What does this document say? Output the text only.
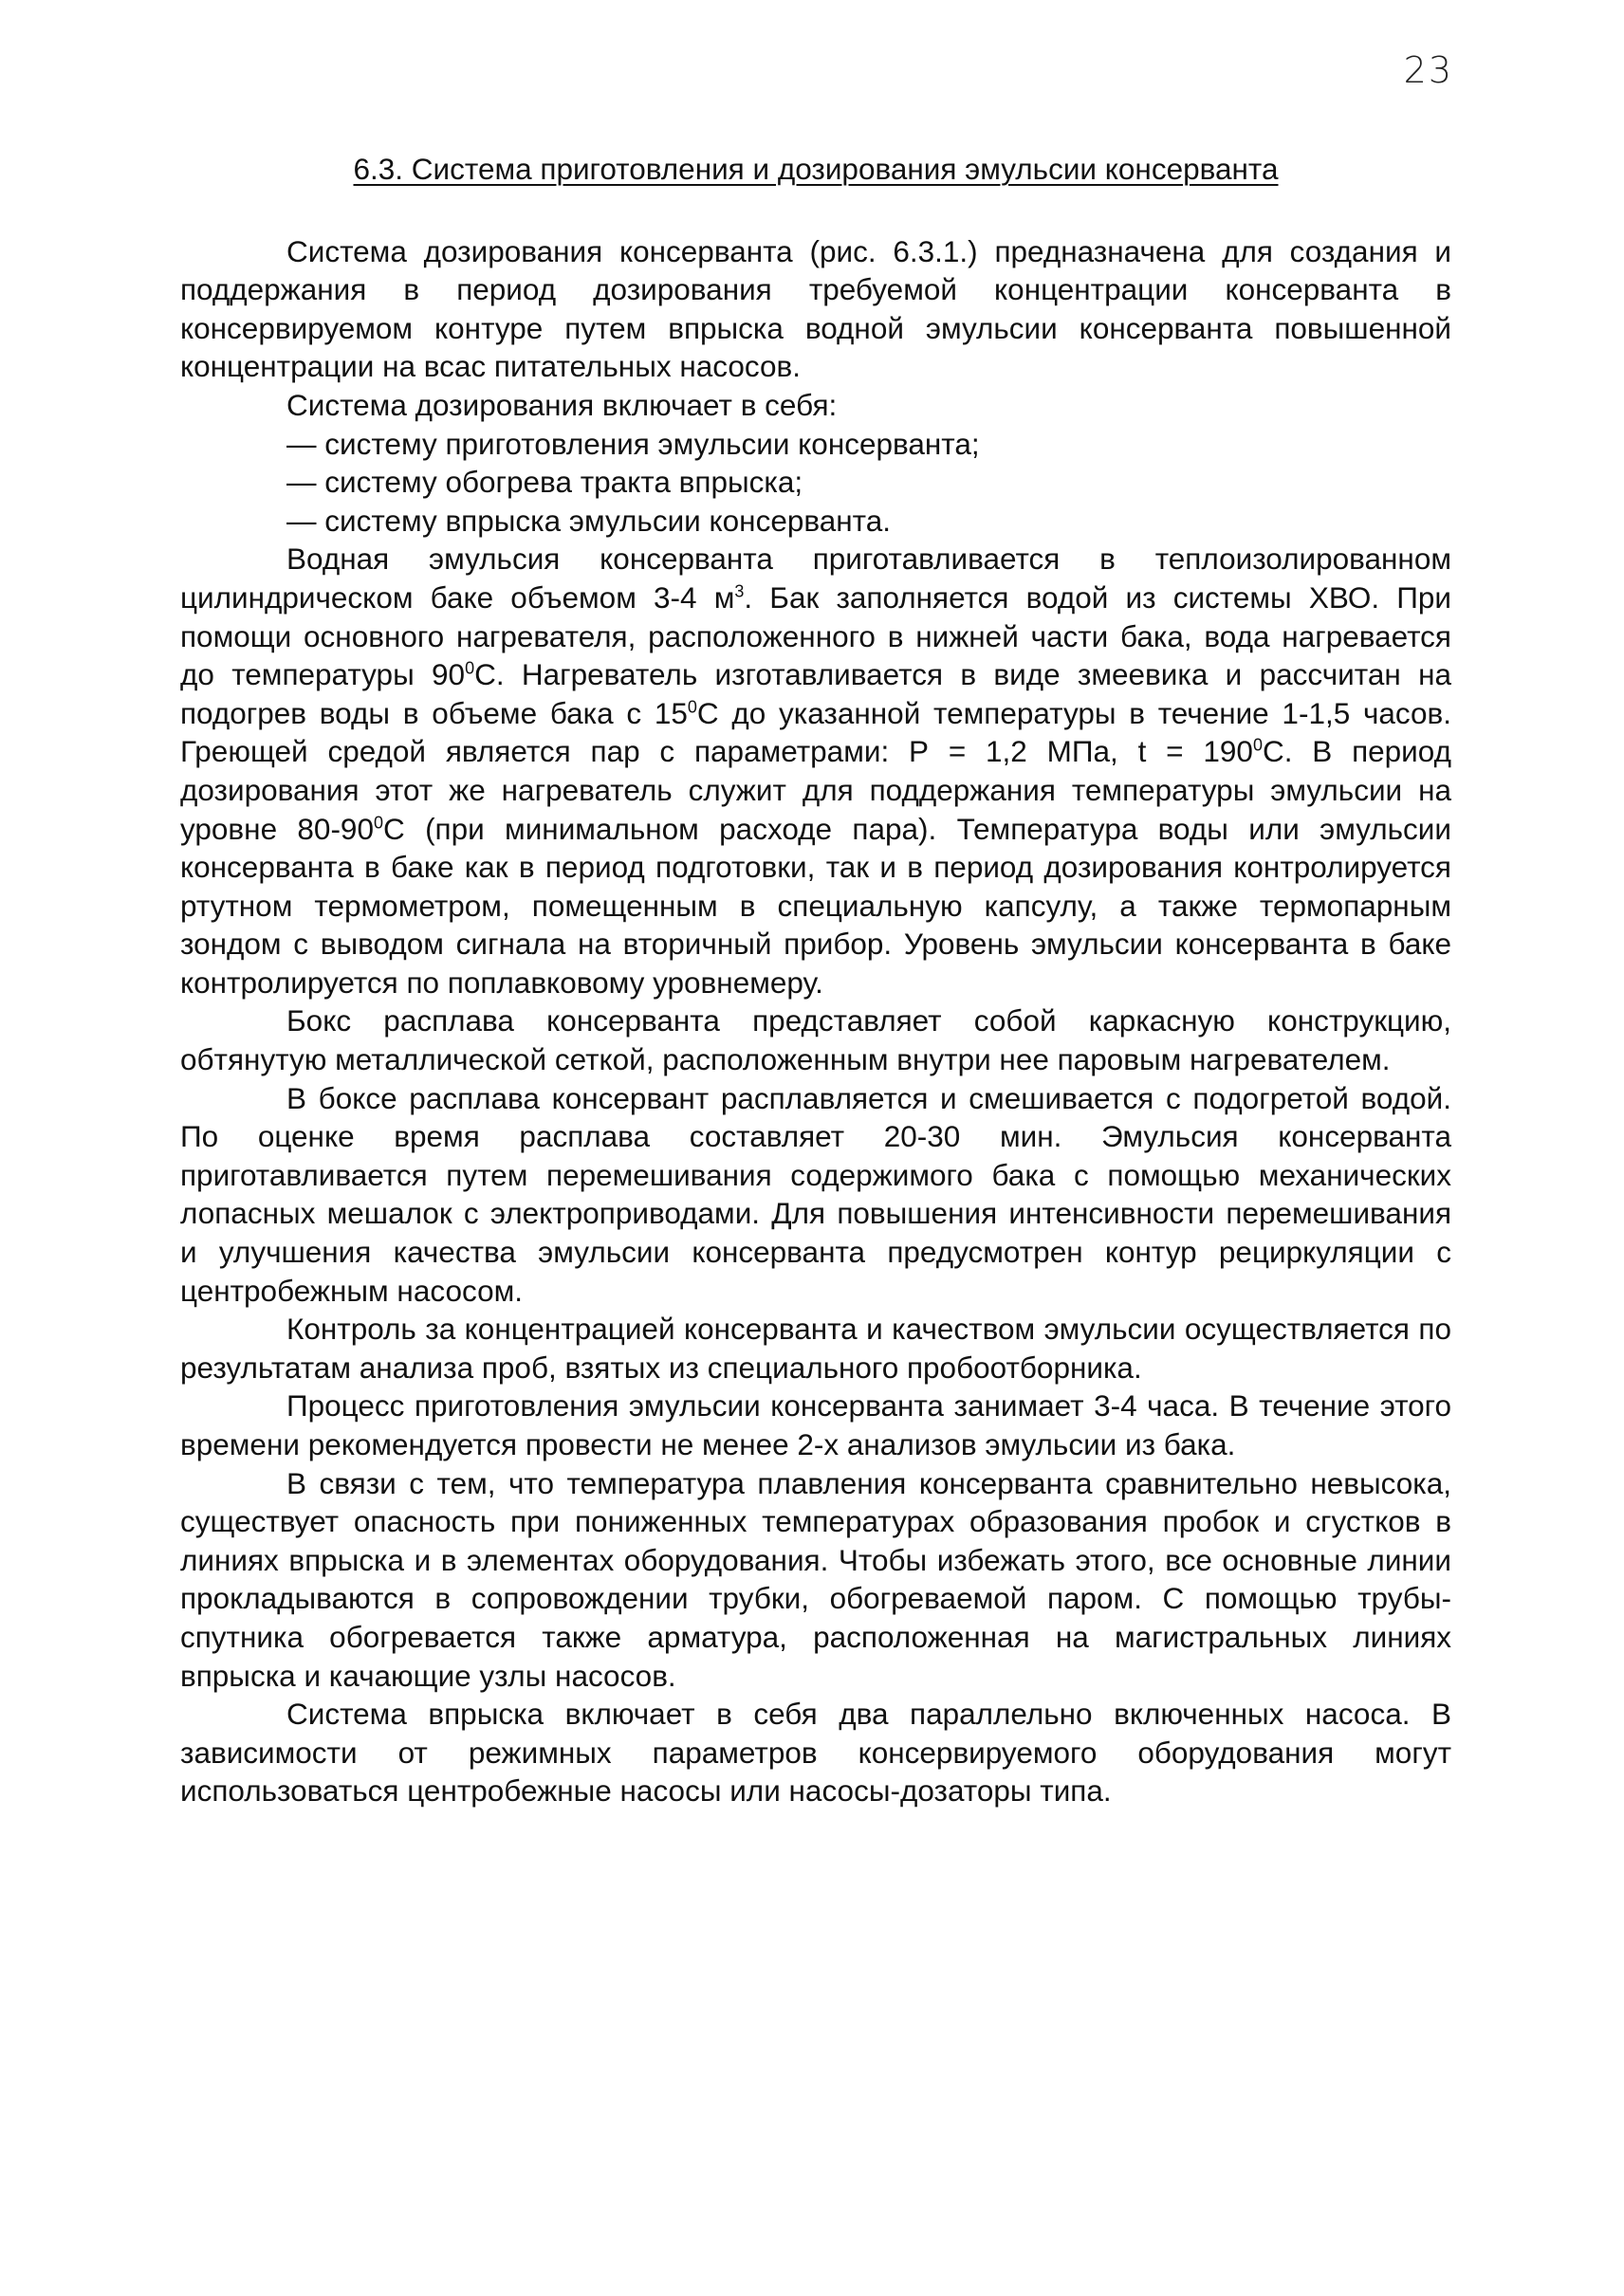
23
6.3. Система приготовления и дозирования эмульсии консерванта

Система дозирования консерванта (рис. 6.3.1.) предназначена для создания и поддержания в период дозирования требуемой концентрации консерванта в консервируемом контуре путем впрыска водной эмульсии консерванта повышенной концентрации на всас питательных насосов.

Система дозирования включает в себя:

— систему приготовления эмульсии консерванта;
— систему обогрева тракта впрыска;
— систему впрыска эмульсии консерванта.

Водная эмульсия консерванта приготавливается в теплоизолированном цилиндрическом баке объемом 3-4 $м^3$. Бак заполняется водой из системы ХВО. При помощи основного нагревателя, расположенного в нижней части бака, вода нагревается до температуры $90^0С$. Нагреватель изготавливается в виде змеевика и рассчитан на подогрев воды в объеме бака с $15^0С$ до указанной температуры в течение 1-1,5 часов. Греющей средой является пар с параметрами: Р = 1,2 МПа, $t = 190^0С$. В период дозирования этот же нагреватель служит для поддержания температуры эмульсии на уровне $80-90^0С$ (при минимальном расходе пара). Температура воды или эмульсии консерванта в баке как в период подготовки, так и в период дозирования контролируется ртутном термометром, помещенным в специальную капсулу, а также термопарным зондом с выводом сигнала на вторичный прибор. Уровень эмульсии консерванта в баке контролируется по поплавковому уровнемеру.

Бокс расплава консерванта представляет собой каркасную конструкцию, обтянутую металлической сеткой, расположенным внутри нее паровым нагревателем.

В боксе расплава консервант расплавляется и смешивается с подогретой водой. По оценке время расплава составляет 20-30 мин. Эмульсия консерванта приготавливается путем перемешивания содержимого бака с помощью механических лопасных мешалок с электроприводами. Для повышения интенсивности перемешивания и улучшения качества эмульсии консерванта предусмотрен контур рециркуляции с центробежным насосом.

Контроль за концентрацией консерванта и качеством эмульсии осуществляется по результатам анализа проб, взятых из специального пробоотборника.

Процесс приготовления эмульсии консерванта занимает 3-4 часа. В течение этого времени рекомендуется провести не менее 2-х анализов эмульсии из бака.

В связи с тем, что температура плавления консерванта сравнительно невысока, существует опасность при пониженных температурах образования пробок и сгустков в линиях впрыска и в элементах оборудования. Чтобы избежать этого, все основные линии прокладываются в сопровождении трубки, обогреваемой паром. С помощью трубы-спутника обогревается также арматура, расположенная на магистральных линиях впрыска и качающие узлы насосов.

Система впрыска включает в себя два параллельно включенных насоса. В зависимости от режимных параметров консервируемого оборудования могут использоваться центробежные насосы или насосы-дозаторы типа.
